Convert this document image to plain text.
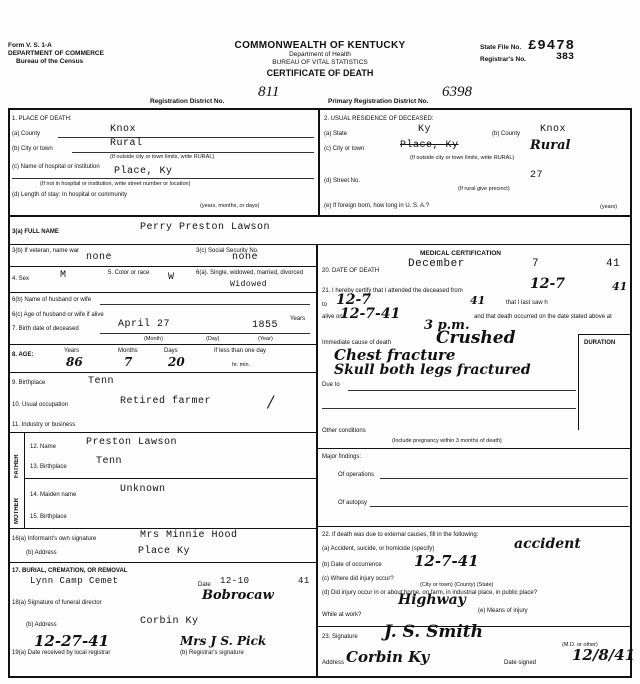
Form V. S. 1-A
DEPARTMENT OF COMMERCE
Bureau of the Census
COMMONWEALTH OF KENTUCKY
Department of Health
BUREAU OF VITAL STATISTICS
CERTIFICATE OF DEATH
State File No.
Registrar's No.
£9478
383
Registration District No.	Primary Registration District No.
811	6398
1. PLACE OF DEATH:
(a) County	Knox
(b) City or town	Rural
(If outside city or town limits, write RURAL)
(c) Name of hospital or institution Place, Ky
(If not in hospital or institution, write street number or location)
(d) Length of stay: In hospital or community
(years, months, or days)
2. USUAL RESIDENCE OF DECEASED:
(a) State	Ky	(b) County Knox
(c) City or town	Place, Ky	Rural
(If outside city or town limits, write RURAL)
(d) Street No.	27
(If rural give precinct)
(e) If foreign born, how long in U. S. A.?	(years)
3(a) FULL NAME	Perry Preston Lawson
3(b) If veteran, name war
none
3(c) Social Security No.
none
4. Sex	M	5. Color or race W	6(a). Single, widowed, married, divorced
Widowed
6(b) Name of husband or wife
6(c) Age of husband or wife if alive
Years
7. Birth date of deceased	April 27	1855
(Month)	(Day)	(Year)
8. AGE:
Years
86
Months
7
Days
20
If less than one day
hr. min.
9. Birthplace	Tenn
10. Usual occupation	Retired farmer	/
11. Industry or business
FATHER
MOTHER
12. Name	Preston Lawson
13. Birthplace	Tenn
14. Maiden name	Unknown
15. Birthplace
16(a) Informant's own signature	Mrs Minnie Hood
(b) Address	Place Ky
17. BURIAL, CREMATION, OR REMOVAL
Lynn Camp Cemet	Date 12-10	41
18(a) Signature of funeral director	Bobrocaw
(b) Address	Corbin Ky
12-27-41	Mrs J S. Pick
19(a) Date received by local registrar	(b) Registrar's signature
MEDICAL CERTIFICATION
20. DATE OF DEATH
December	7	41
21. I hereby certify that I attended the deceased from	12-7	41
to 12-7	41	that I last saw h
alive on
12-7-41	and that death occurred on the date stated above at
3 p.m.
DURATION
Immediate cause of death	Crushed
Chest fracture
Skull both legs fractured
Due to
Other conditions
(Include pregnancy within 3 months of death)
Major findings:
Of operations
Of autopsy
22. If death was due to external causes, fill in the following:
(a) Accident, suicide, or homicide (specify)	accident
(b) Date of occurrence 12-7-41
(c) Where did injury occur?
(City or town) (County) (State)
(d) Did injury occur in or about home, on farm, in industrial place, in public place?
Highway
While at work?
(e) Means of injury
23. Signature J. S. Smith
(M.D. or other)
Address Corbin Ky	Date signed 12/8/41
